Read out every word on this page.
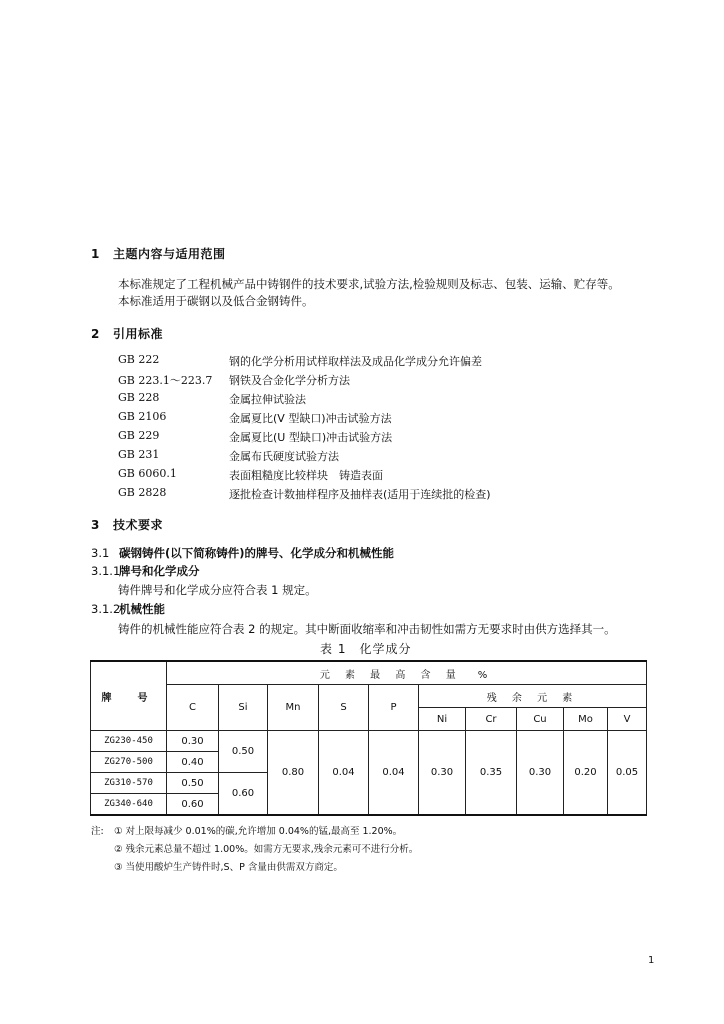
1 主题内容与适用范围
本标准规定了工程机械产品中铸钢件的技术要求,试验方法,检验规则及标志、包装、运输、贮存等。
本标准适用于碳钢以及低合金钢铸件。
2 引用标准
GB 222	钢的化学分析用试样取样法及成品化学成分允许偏差
GB 223.1～223.7 钢铁及合金化学分析方法
GB 228	金属拉伸试验法
GB 2106	金属夏比(V 型缺口)冲击试验方法
GB 229	金属夏比(U 型缺口)冲击试验方法
GB 231	金属布氏硬度试验方法
GB 6060.1	表面粗糙度比较样块　铸造表面
GB 2828	逐批检查计数抽样程序及抽样表(适用于连续批的检查)
3 技术要求
3.1 碳钢铸件(以下简称铸件)的牌号、化学成分和机械性能
3.1.1牌号和化学成分
铸件牌号和化学成分应符合表 1 规定。
3.1.2机械性能
铸件的机械性能应符合表 2 的规定。其中断面收缩率和冲击韧性如需方无要求时由供方选择其一。
表 1　化学成分
牌　号	元 素 最 高 含 量　%									
	C	Si	Mn	S	P	残 余 元 素				
						Ni	Cr	Cu	Mo	V
ZG230-450	0.30	0.50	0.80	0.04	0.04	0.30	0.35	0.30	0.20	0.05
ZG270-500	0.40									
ZG310-570	0.50	0.60								
ZG340-640	0.60									
注: ① 对上限每减少 0.01%的碳,允许增加 0.04%的锰,最高至 1.20%。
② 残余元素总量不超过 1.00%。如需方无要求,残余元素可不进行分析。
③ 当使用酸炉生产铸件时,S、P 含量由供需双方商定。
1
